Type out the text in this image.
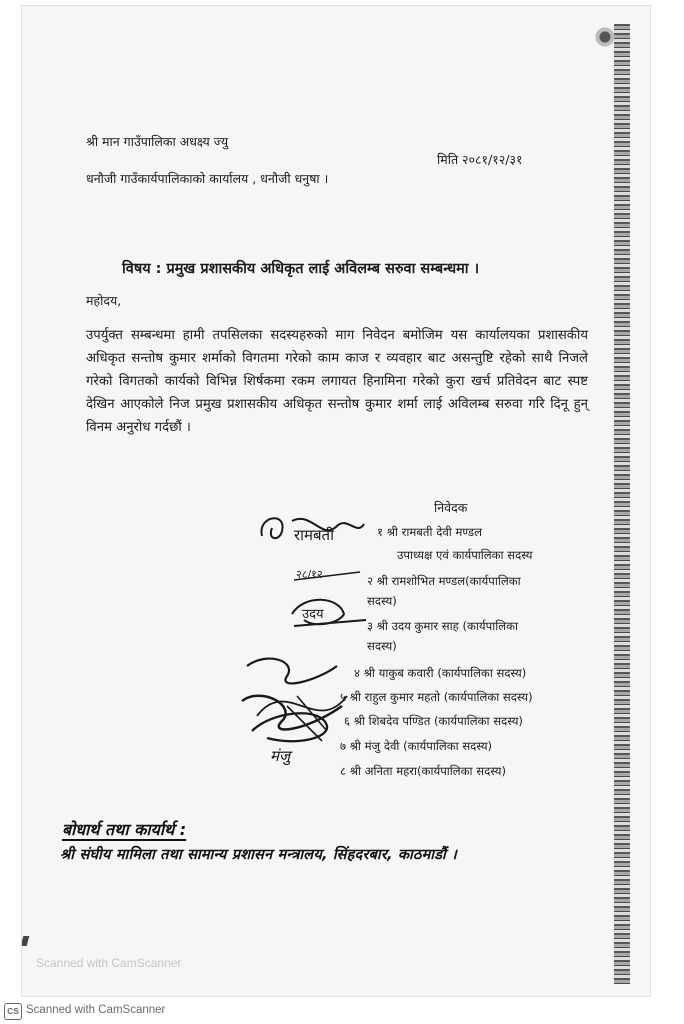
श्री मान गाउँपालिका अधक्ष्य ज्यु
मिति २०८१/१२/३१
धनौजी गाउँकार्यपालिकाको कार्यालय , धनौजी धनुषा ।
विषय : प्रमुख प्रशासकीय अधिकृत लाई अविलम्ब सरुवा सम्बन्धमा ।
महोदय,
उपर्युक्त सम्बन्धमा हामी तपसिलका सदस्यहरुको माग निवेदन बमोजिम यस कार्यालयका प्रशासकीय अधिकृत सन्तोष कुमार शर्माको विगतमा गरेको काम काज र व्यवहार बाट असन्तुष्टि रहेको साथै निजले गरेको विगतको कार्यको विभिन्न शिर्षकमा रकम लगायत हिनामिना गरेको कुरा खर्च प्रतिवेदन बाट स्पष्ट देखिन आएकोले निज प्रमुख प्रशासकीय अधिकृत सन्तोष कुमार शर्मा लाई अविलम्ब सरुवा गरि दिनू हुन् विनम अनुरोध गर्दछौं ।
निवेदक
रामबती	१ श्री रामबती देवी मण्डल
उपाध्यक्ष एवं कार्यपालिका सदस्य
२८/१२	२ श्री रामशोभित मण्डल(कार्यपालिका
सदस्य)
उदय
३ श्री उदय कुमार साह (कार्यपालिका
सदस्य)
मंजु
४ श्री याकुब कवारी (कार्यपालिका सदस्य)
५ श्री राहुल कुमार महतो (कार्यपालिका सदस्य)
६ श्री शिबदेव पण्डित (कार्यपालिका सदस्य)
७ श्री मंजु देवी (कार्यपालिका सदस्य)
८ श्री अनिता महरा(कार्यपालिका सदस्य)
बोधार्थ तथा कार्यार्थ :
श्री संघीय मामिला तथा सामान्य प्रशासन मन्त्रालय, सिंहदरबार, काठमाडौं ।
Scanned with CamScanner
CS Scanned with CamScanner
